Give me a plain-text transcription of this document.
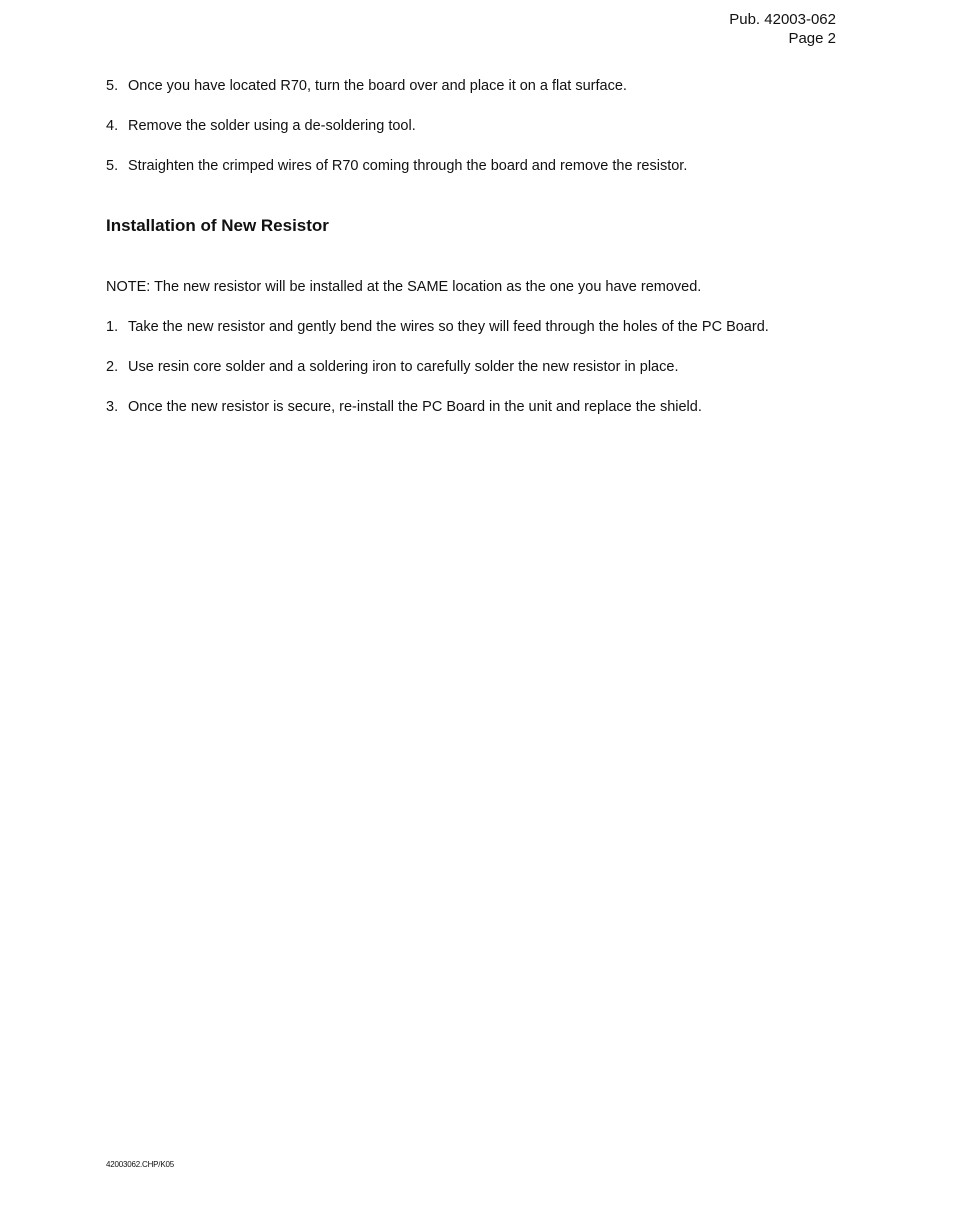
Pub. 42003-062
Page 2
5. Once you have located R70, turn the board over and place it on a flat surface.
4. Remove the solder using a de-soldering tool.
5. Straighten the crimped wires of R70 coming through the board and remove the resistor.
Installation of New Resistor
NOTE: The new resistor will be installed at the SAME location as the one you have removed.
1. Take the new resistor and gently bend the wires so they will feed through the holes of the PC Board.
2. Use resin core solder and a soldering iron to carefully solder the new resistor in place.
3. Once the new resistor is secure, re-install the PC Board in the unit and replace the shield.
42003062.CHP/K05
